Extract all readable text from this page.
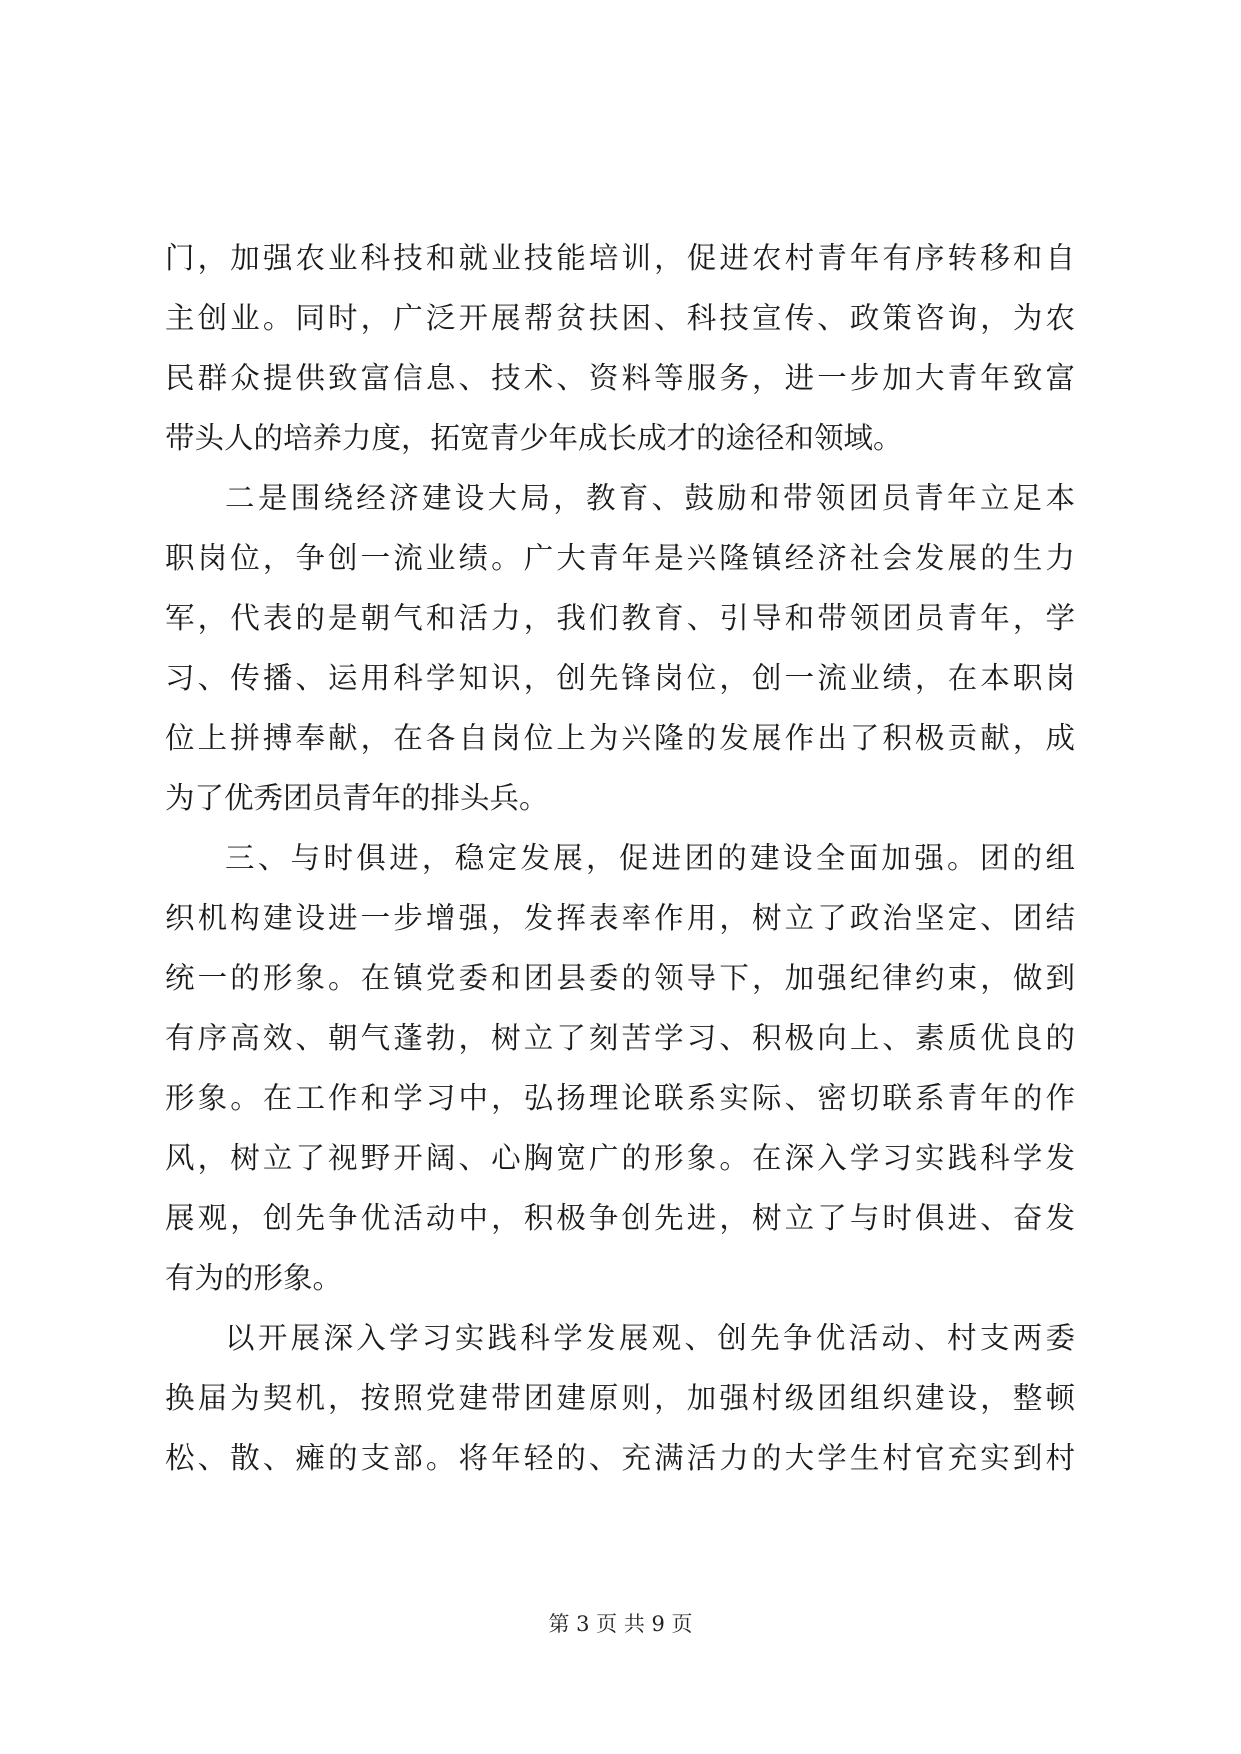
门，加强农业科技和就业技能培训，促进农村青年有序转移和自
主创业。同时，广泛开展帮贫扶困、科技宣传、政策咨询，为农
民群众提供致富信息、技术、资料等服务，进一步加大青年致富
带头人的培养力度，拓宽青少年成长成才的途径和领域。
二是围绕经济建设大局，教育、鼓励和带领团员青年立足本
职岗位，争创一流业绩。广大青年是兴隆镇经济社会发展的生力
军，代表的是朝气和活力，我们教育、引导和带领团员青年，学
习、传播、运用科学知识，创先锋岗位，创一流业绩，在本职岗
位上拼搏奉献，在各自岗位上为兴隆的发展作出了积极贡献，成
为了优秀团员青年的排头兵。
三、与时俱进，稳定发展，促进团的建设全面加强。团的组
织机构建设进一步增强，发挥表率作用，树立了政治坚定、团结
统一的形象。在镇党委和团县委的领导下，加强纪律约束，做到
有序高效、朝气蓬勃，树立了刻苦学习、积极向上、素质优良的
形象。在工作和学习中，弘扬理论联系实际、密切联系青年的作
风，树立了视野开阔、心胸宽广的形象。在深入学习实践科学发
展观，创先争优活动中，积极争创先进，树立了与时俱进、奋发
有为的形象。
以开展深入学习实践科学发展观、创先争优活动、村支两委
换届为契机，按照党建带团建原则，加强村级团组织建设，整顿
松、散、瘫的支部。将年轻的、充满活力的大学生村官充实到村
第 3 页 共 9 页
